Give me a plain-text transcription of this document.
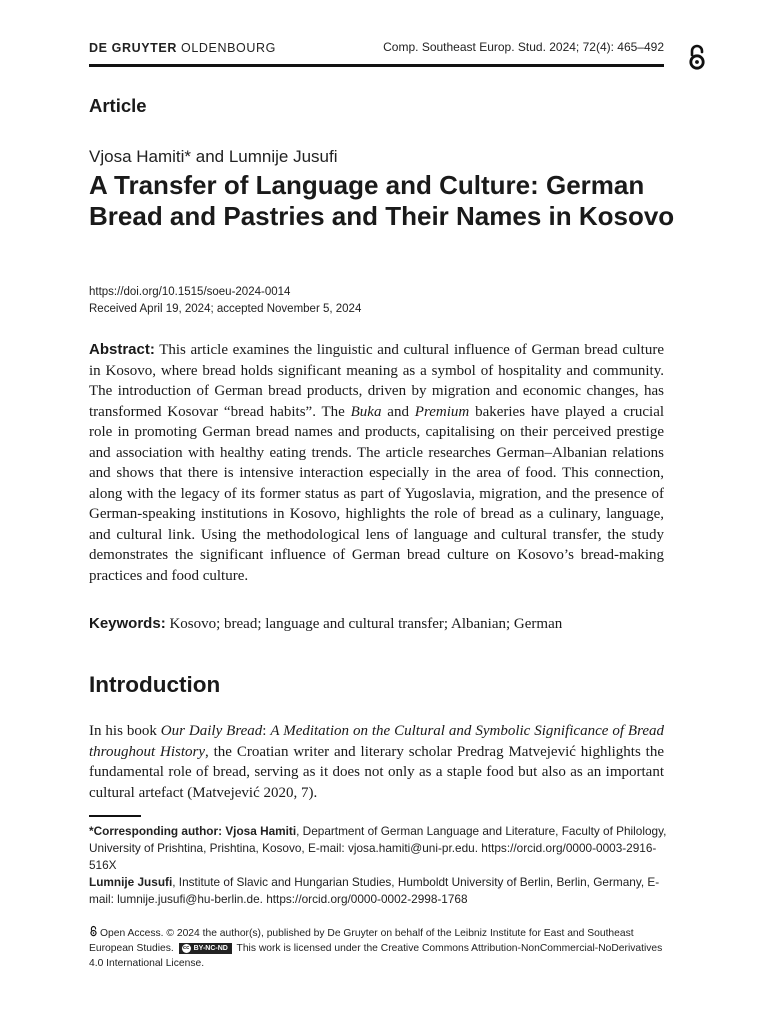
DE GRUYTER OLDENBOURG	Comp. Southeast Europ. Stud. 2024; 72(4): 465–492
Article
Vjosa Hamiti* and Lumnije Jusufi
A Transfer of Language and Culture: German Bread and Pastries and Their Names in Kosovo
https://doi.org/10.1515/soeu-2024-0014
Received April 19, 2024; accepted November 5, 2024
Abstract: This article examines the linguistic and cultural influence of German bread culture in Kosovo, where bread holds significant meaning as a symbol of hospitality and community. The introduction of German bread products, driven by migration and economic changes, has transformed Kosovar “bread habits”. The Buka and Premium bakeries have played a crucial role in promoting German bread names and products, capitalising on their perceived prestige and association with healthy eating trends. The article researches German–Albanian relations and shows that there is intensive interaction especially in the area of food. This connection, along with the legacy of its former status as part of Yugoslavia, migration, and the presence of German-speaking institutions in Kosovo, highlights the role of bread as a culinary, language, and cultural link. Using the methodological lens of language and cultural transfer, the study demonstrates the significant influence of German bread culture on Kosovo’s bread-making practices and food culture.
Keywords: Kosovo; bread; language and cultural transfer; Albanian; German
Introduction
In his book Our Daily Bread: A Meditation on the Cultural and Symbolic Significance of Bread throughout History, the Croatian writer and literary scholar Predrag Matvejević highlights the fundamental role of bread, serving as it does not only as a staple food but also as an important cultural artefact (Matvejević 2020, 7).

*Corresponding author: Vjosa Hamiti, Department of German Language and Literature, Faculty of Philology, University of Prishtina, Prishtina, Kosovo, E-mail: vjosa.hamiti@uni-pr.edu. https://orcid.org/0000-0003-2916-516X

Lumnije Jusufi, Institute of Slavic and Hungarian Studies, Humboldt University of Berlin, Berlin, Germany, E-mail: lumnije.jusufi@hu-berlin.de. https://orcid.org/0000-0002-2998-1768

Open Access. © 2024 the author(s), published by De Gruyter on behalf of the Leibniz Institute for East and Southeast European Studies. cc BY-NC-ND This work is licensed under the Creative Commons Attribution-NonCommercial-NoDerivatives 4.0 International License.
